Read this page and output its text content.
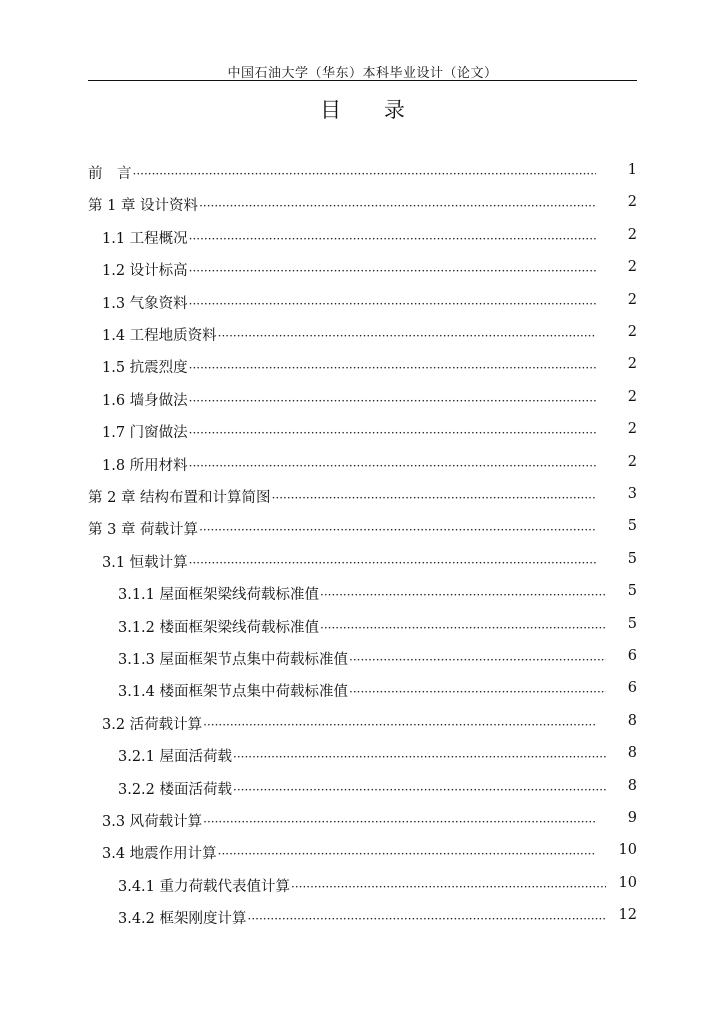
中国石油大学（华东）本科毕业设计（论文）
目 录
前　言 ·····	1
第 1 章 设计资料 ·····	2
1.1 工程概况 ·····	2
1.2 设计标高 ·····	2
1.3 气象资料 ·····	2
1.4 工程地质资料 ·····	2
1.5 抗震烈度 ·····	2
1.6 墙身做法 ·····	2
1.7 门窗做法 ·····	2
1.8 所用材料 ·····	2
第 2 章 结构布置和计算简图 ·····	3
第 3 章 荷载计算 ·····	5
3.1 恒载计算 ·····	5
3.1.1 屋面框架梁线荷载标准值 ·····	5
3.1.2 楼面框架梁线荷载标准值 ·····	5
3.1.3 屋面框架节点集中荷载标准值 ·····	6
3.1.4 楼面框架节点集中荷载标准值 ·····	6
3.2 活荷载计算 ·····	8
3.2.1 屋面活荷载 ·····	8
3.2.2 楼面活荷载 ·····	8
3.3 风荷载计算 ·····	9
3.4 地震作用计算 ·····	10
3.4.1 重力荷载代表值计算 ·····	10
3.4.2 框架刚度计算 ·····	12
